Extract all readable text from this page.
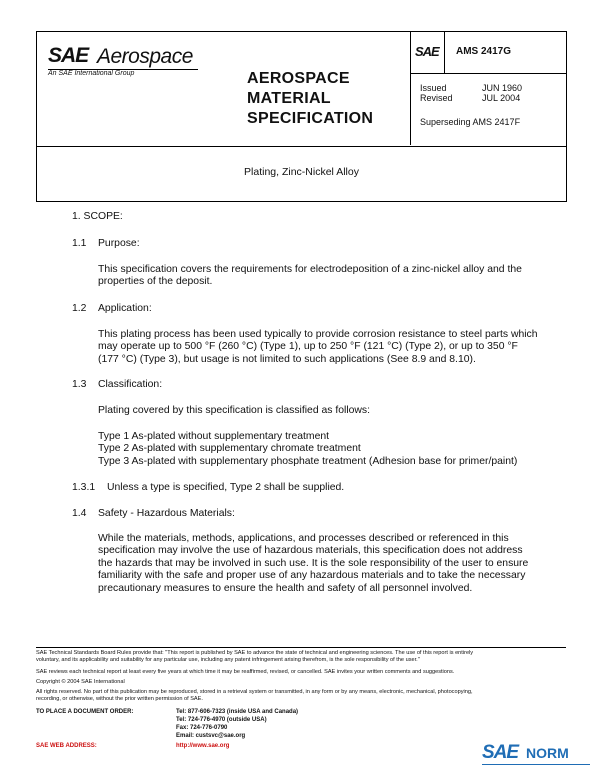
SAE Aerospace
An SAE International Group	AEROSPACE
MATERIAL
SPECIFICATION
SAE AMS 2417G
Issued	JUN 1960
Revised	JUL 2004
Superseding AMS 2417F
Plating, Zinc-Nickel Alloy
1. SCOPE:
1.1 Purpose:
This specification covers the requirements for electrodeposition of a zinc-nickel alloy and the
properties of the deposit.
1.2 Application:
This plating process has been used typically to provide corrosion resistance to steel parts which
may operate up to 500 °F (260 °C) (Type 1), up to 250 °F (121 °C) (Type 2), or up to 350 °F
(177 °C) (Type 3), but usage is not limited to such applications (See 8.9 and 8.10).
1.3 Classification:
Plating covered by this specification is classified as follows:
Type 1 As-plated without supplementary treatment
Type 2 As-plated with supplementary chromate treatment
Type 3 As-plated with supplementary phosphate treatment (Adhesion base for primer/paint)
1.3.1 Unless a type is specified, Type 2 shall be supplied.
1.4 Safety - Hazardous Materials:
While the materials, methods, applications, and processes described or referenced in this
specification may involve the use of hazardous materials, this specification does not address
the hazards that may be involved in such use. It is the sole responsibility of the user to ensure
familiarity with the safe and proper use of any hazardous materials and to take the necessary
precautionary measures to ensure the health and safety of all personnel involved.
SAE Technical Standards Board Rules provide that: "This report is published by SAE to advance the state of technical and engineering sciences. The use of this report is entirely
voluntary, and its applicability and suitability for any particular use, including any patent infringement arising therefrom, is the sole responsibility of the user."
SAE reviews each technical report at least every five years at which time it may be reaffirmed, revised, or cancelled. SAE invites your written comments and suggestions.
Copyright © 2004 SAE International
All rights reserved. No part of this publication may be reproduced, stored in a retrieval system or transmitted, in any form or by any means, electronic, mechanical, photocopying,
recording, or otherwise, without the prior written permission of SAE.
TO PLACE A DOCUMENT ORDER:	Tel: 877-606-7323 (inside USA and Canada)
Tel: 724-776-4970 (outside USA)
Fax: 724-776-0790
Email: custsvc@sae.org
SAE WEB ADDRESS:	http://www.sae.org	SAE NORM
